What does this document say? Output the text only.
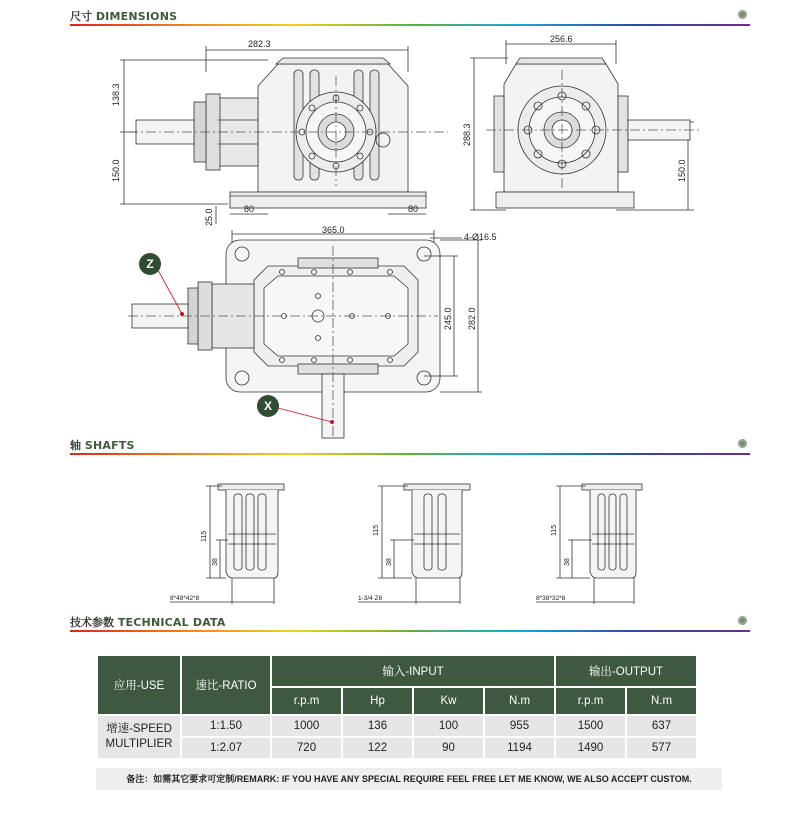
尺寸 DIMENSIONS
282.3
138.3
150.0
25.0	80	80
256.6
288.3
150.0
365.0
4-Ø16.5
245.0 282.0
Z
X
轴 SHAFTS
115
38
8*48*42*8
115
38
1-3/4 Z6
115
38
8*38*32*8
技术参数 TECHNICAL DATA
应用-USE	速比-RATIO	输入-INPUT				输出-OUTPUT	
		r.p.m	Hp	Kw	N.m	r.p.m	N.m
增速-SPEED MULTIPLIER	1:1.50	1000	136	100	955	1500	637
	1:2.07	720	122	90	1194	1490	577
备注：如需其它要求可定制/REMARK: IF YOU HAVE ANY SPECIAL REQUIRE FEEL FREE LET ME KNOW, WE ALSO ACCEPT CUSTOM.
